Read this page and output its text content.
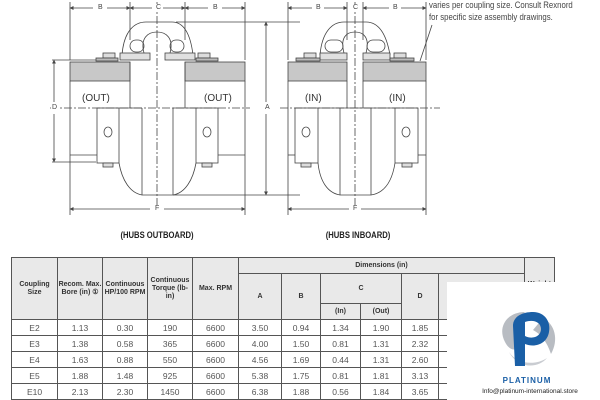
B	C	B
D	A
F
B	C	B
F
(OUT)	(OUT)	(IN)	(IN)
(HUBS OUTBOARD)	(HUBS INBOARD)
varies per coupling size. Consult Rexnord
for specific size assembly drawings.
Coupling Size	Recom. Max. Bore (in) ①	Continuous HP/100 RPM	Continuous Torque (lb-in)	Max. RPM	Dimensions (in)	
					A	B	C		D	
							(In)	(Out)			
E2	1.13	0.30	190	6600	3.50	0.94	1.34	1.90	1.85		
E3	1.38	0.58	365	6600	4.00	1.50	0.81	1.31	2.32		
E4	1.63	0.88	550	6600	4.56	1.69	0.44	1.31	2.60		
E5	1.88	1.48	925	6600	5.38	1.75	0.81	1.81	3.13		
E10	2.13	2.30	1450	6600	6.38	1.88	0.56	1.84	3.65		
PLATINUM
Info@platinum-international.store
